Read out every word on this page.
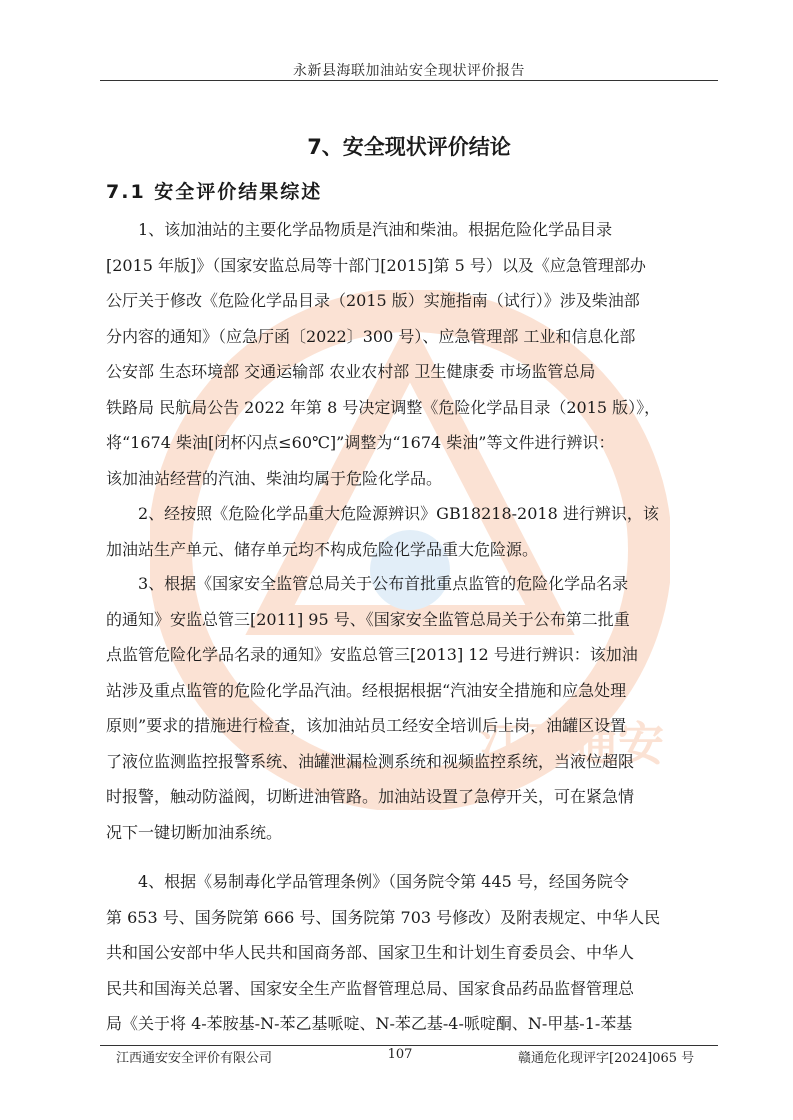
江西通安
永新县海联加油站安全现状评价报告
7、安全现状评价结论
7.1 安全评价结果综述
1、该加油站的主要化学品物质是汽油和柴油。根据危险化学品目录
[2015 年版]》（国家安监总局等十部门[2015]第 5 号）以及《应急管理部办
公厅关于修改《危险化学品目录（2015 版）实施指南（试行）》涉及柴油部
分内容的通知》（应急厅函〔2022〕300 号）、应急管理部 工业和信息化部
公安部 生态环境部 交通运输部 农业农村部 卫生健康委 市场监管总局
铁路局 民航局公告 2022 年第 8 号决定调整《危险化学品目录（2015 版）》，
将“1674 柴油[闭杯闪点≤60℃]”调整为“1674 柴油”等文件进行辨识：
该加油站经营的汽油、柴油均属于危险化学品。
2、经按照《危险化学品重大危险源辨识》GB18218-2018 进行辨识，该
加油站生产单元、储存单元均不构成危险化学品重大危险源。
3、根据《国家安全监管总局关于公布首批重点监管的危险化学品名录
的通知》安监总管三[2011] 95 号、《国家安全监管总局关于公布第二批重
点监管危险化学品名录的通知》安监总管三[2013] 12 号进行辨识：该加油
站涉及重点监管的危险化学品汽油。经根据根据“汽油安全措施和应急处理
原则”要求的措施进行检查，该加油站员工经安全培训后上岗，油罐区设置
了液位监测监控报警系统、油罐泄漏检测系统和视频监控系统，当液位超限
时报警，触动防溢阀，切断进油管路。加油站设置了急停开关，可在紧急情
况下一键切断加油系统。
4、根据《易制毒化学品管理条例》（国务院令第 445 号，经国务院令
第 653 号、国务院第 666 号、国务院第 703 号修改）及附表规定、中华人民
共和国公安部中华人民共和国商务部、国家卫生和计划生育委员会、中华人
民共和国海关总署、国家安全生产监督管理总局、国家食品药品监督管理总
局《关于将 4-苯胺基-N-苯乙基哌啶、N-苯乙基-4-哌啶酮、N-甲基-1-苯基
江西通安安全评价有限公司	107	赣通危化现评字[2024]065 号
